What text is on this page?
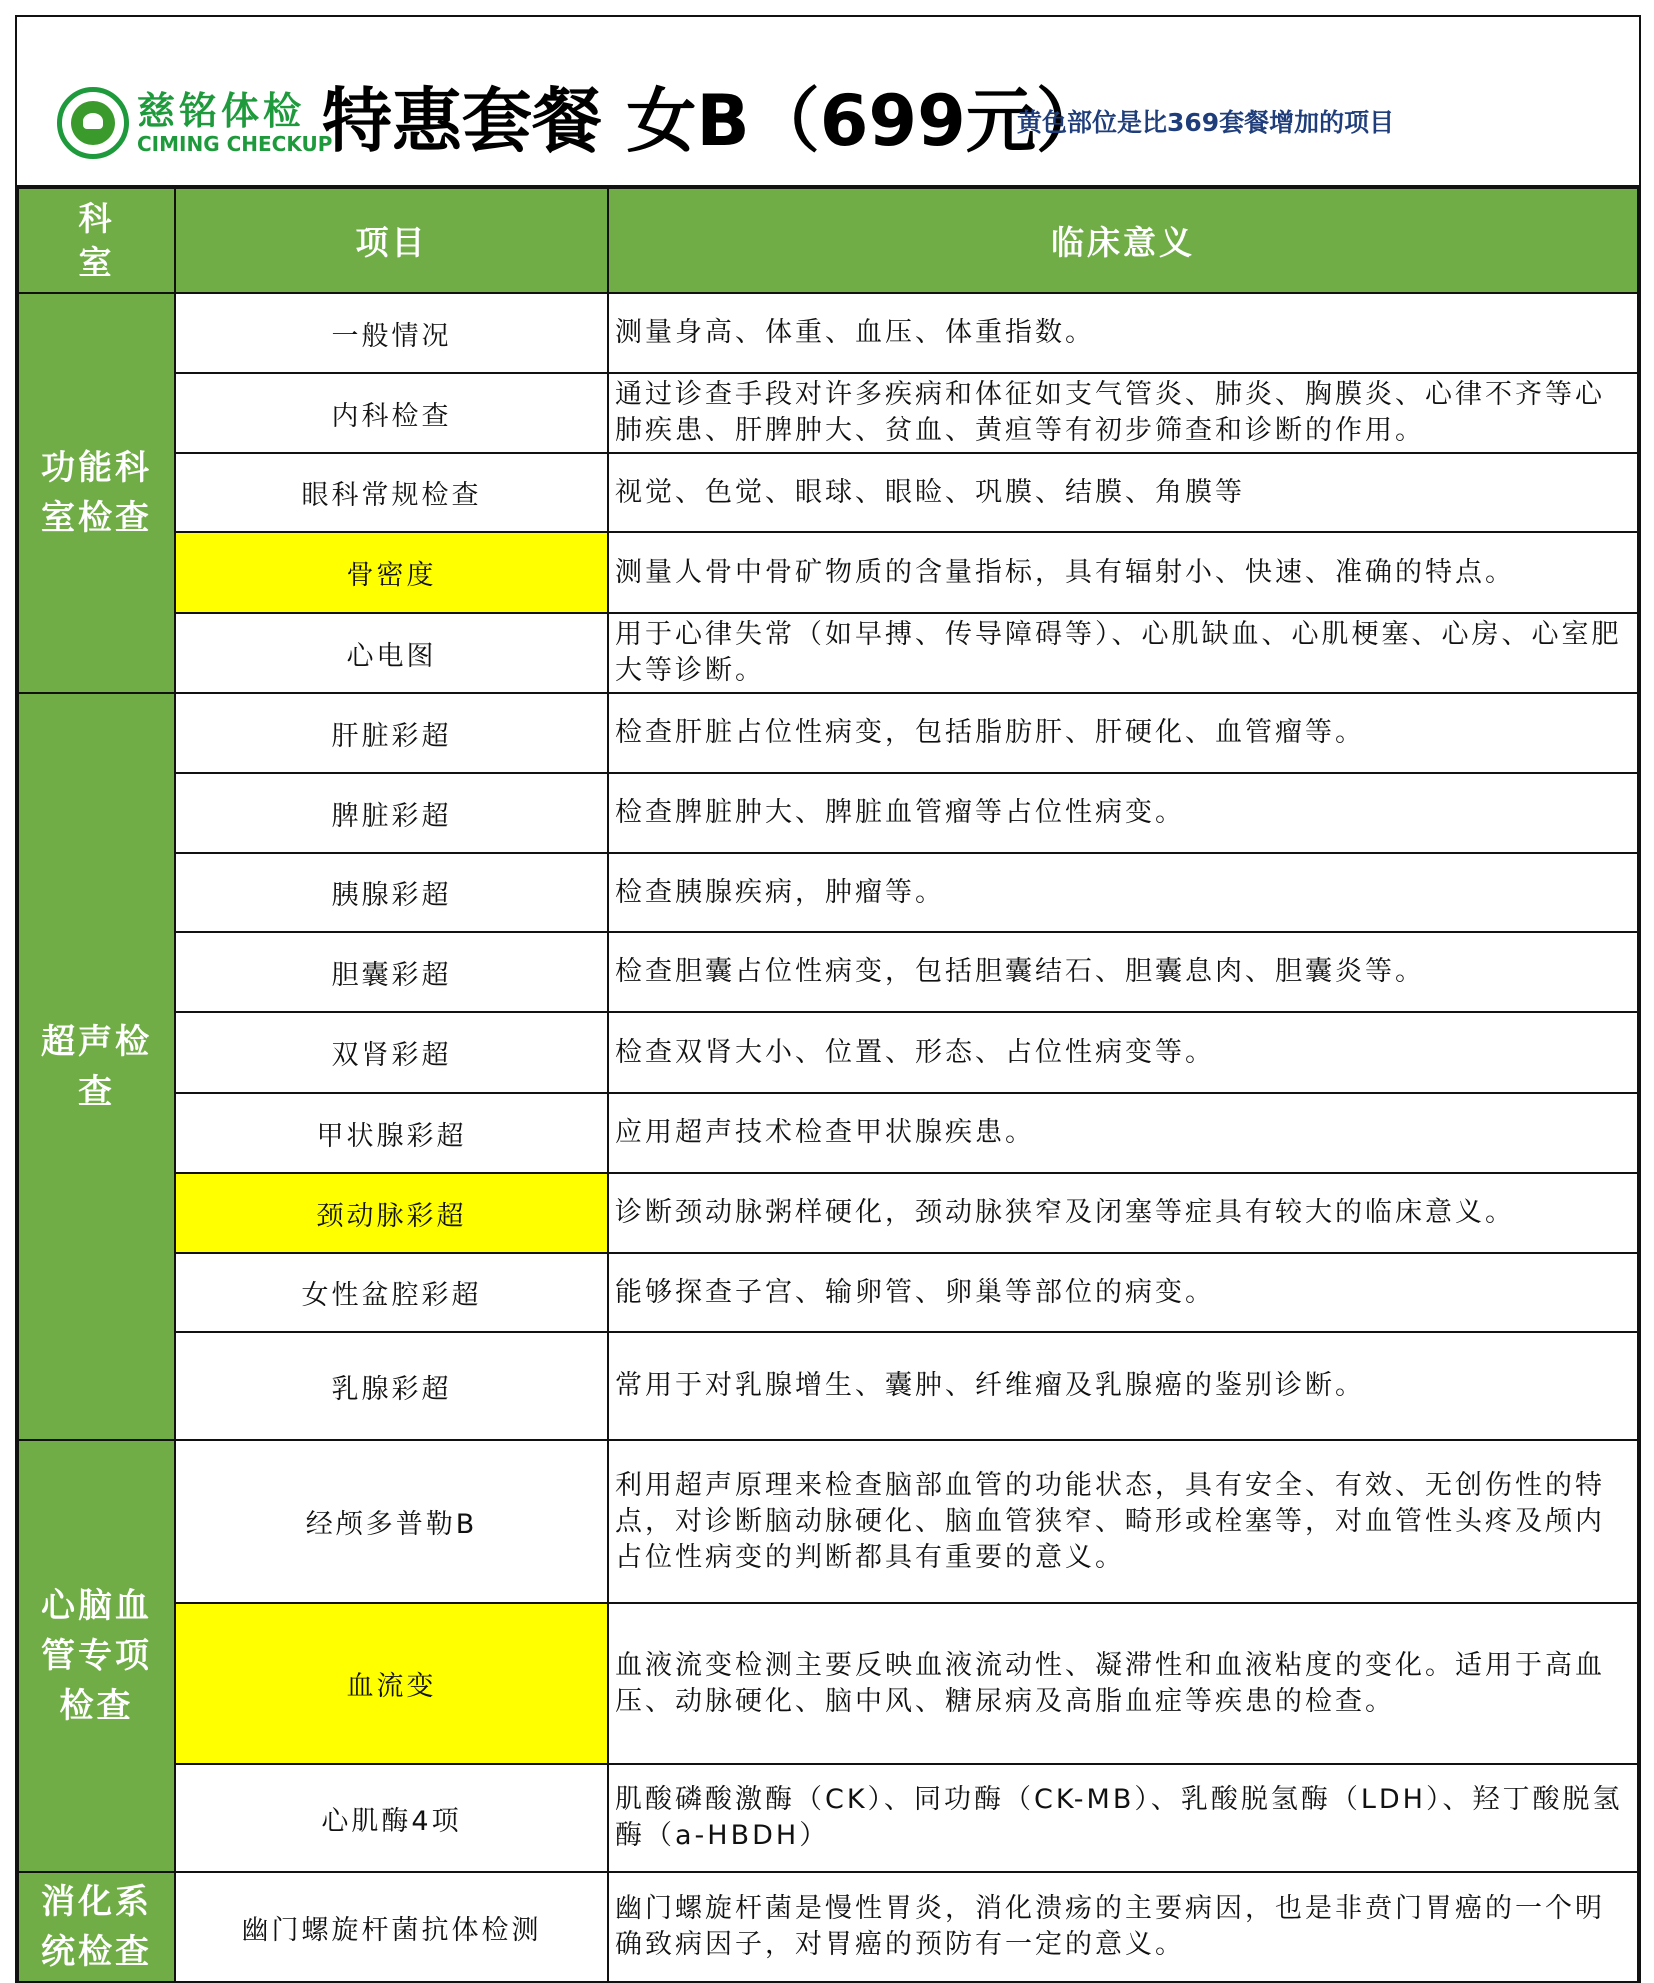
慈铭体检
CIMING CHECKUP
特惠套餐 女B（699元）
黄色部位是比369套餐增加的项目
科室	项目	临床意义
功能科室检查	一般情况	测量身高、体重、血压、体重指数。
	内科检查	通过诊查手段对许多疾病和体征如支气管炎、肺炎、胸膜炎、心律不齐等心肺疾患、肝脾肿大、贫血、黄疸等有初步筛查和诊断的作用。
	眼科常规检查	视觉、色觉、眼球、眼睑、巩膜、结膜、角膜等
	骨密度	测量人骨中骨矿物质的含量指标，具有辐射小、快速、准确的特点。
	心电图	用于心律失常（如早搏、传导障碍等）、心肌缺血、心肌梗塞、心房、心室肥大等诊断。
超声检查	肝脏彩超	检查肝脏占位性病变，包括脂肪肝、肝硬化、血管瘤等。
	脾脏彩超	检查脾脏肿大、脾脏血管瘤等占位性病变。
	胰腺彩超	检查胰腺疾病，肿瘤等。
	胆囊彩超	检查胆囊占位性病变，包括胆囊结石、胆囊息肉、胆囊炎等。
	双肾彩超	检查双肾大小、位置、形态、占位性病变等。
	甲状腺彩超	应用超声技术检查甲状腺疾患。
	颈动脉彩超	诊断颈动脉粥样硬化，颈动脉狭窄及闭塞等症具有较大的临床意义。
	女性盆腔彩超	能够探查子宫、输卵管、卵巢等部位的病变。
	乳腺彩超	常用于对乳腺增生、囊肿、纤维瘤及乳腺癌的鉴别诊断。
心脑血管专项检查	经颅多普勒B	利用超声原理来检查脑部血管的功能状态，具有安全、有效、无创伤性的特点，对诊断脑动脉硬化、脑血管狭窄、畸形或栓塞等，对血管性头疼及颅内占位性病变的判断都具有重要的意义。
	血流变	血液流变检测主要反映血液流动性、凝滞性和血液粘度的变化。适用于高血压、动脉硬化、脑中风、糖尿病及高脂血症等疾患的检查。
	心肌酶4项	肌酸磷酸激酶（CK）、同功酶（CK-MB）、乳酸脱氢酶（LDH）、羟丁酸脱氢酶（a-HBDH）
消化系统检查	幽门螺旋杆菌抗体检测	幽门螺旋杆菌是慢性胃炎，消化溃疡的主要病因，也是非贲门胃癌的一个明确致病因子，对胃癌的预防有一定的意义。
